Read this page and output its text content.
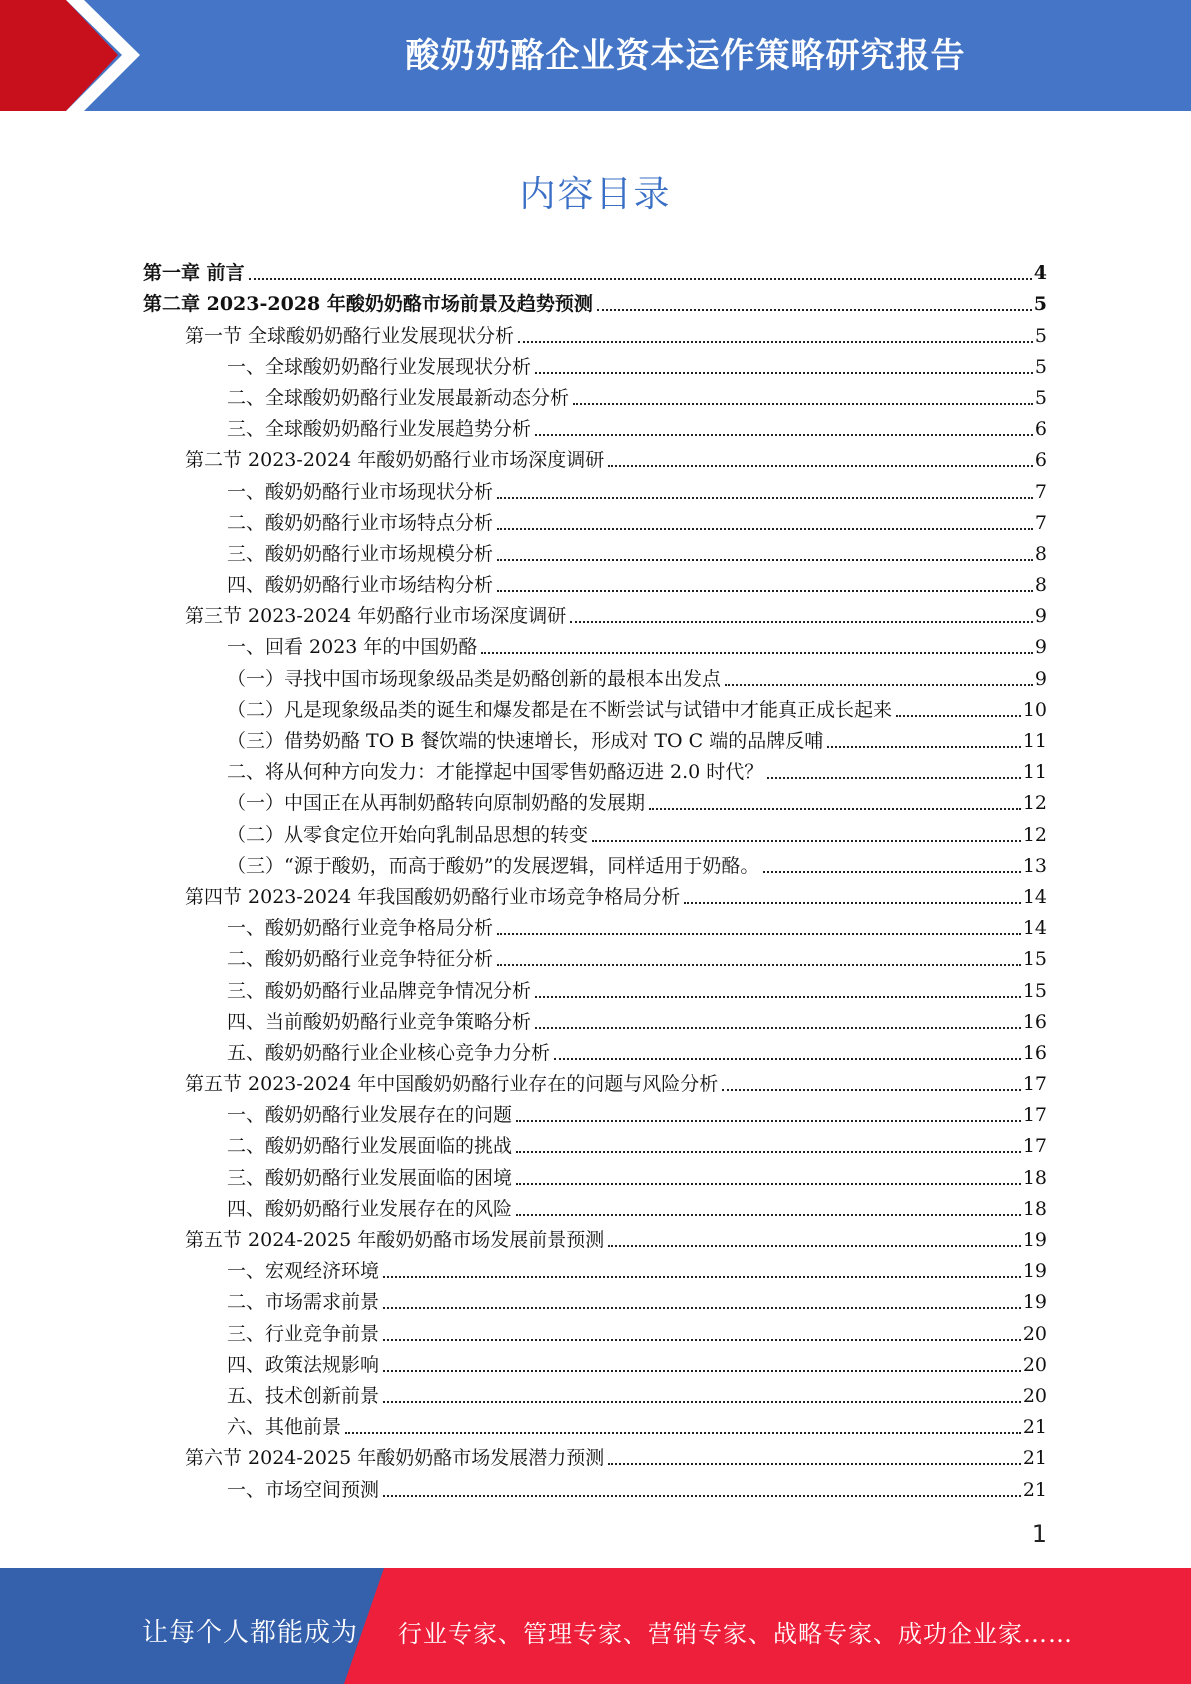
酸奶奶酪企业资本运作策略研究报告
内容目录
第一章 前言	4
第二章 2023-2028 年酸奶奶酪市场前景及趋势预测	5
第一节 全球酸奶奶酪行业发展现状分析	5
一、全球酸奶奶酪行业发展现状分析	5
二、全球酸奶奶酪行业发展最新动态分析	5
三、全球酸奶奶酪行业发展趋势分析	6
第二节 2023-2024 年酸奶奶酪行业市场深度调研	6
一、酸奶奶酪行业市场现状分析	7
二、酸奶奶酪行业市场特点分析	7
三、酸奶奶酪行业市场规模分析	8
四、酸奶奶酪行业市场结构分析	8
第三节 2023-2024 年奶酪行业市场深度调研	9
一、回看 2023 年的中国奶酪	9
（一）寻找中国市场现象级品类是奶酪创新的最根本出发点	9
（二）凡是现象级品类的诞生和爆发都是在不断尝试与试错中才能真正成长起来	10
（三）借势奶酪 TO B 餐饮端的快速增长，形成对 TO C 端的品牌反哺	11
二、将从何种方向发力：才能撑起中国零售奶酪迈进 2.0 时代？	11
（一）中国正在从再制奶酪转向原制奶酪的发展期	12
（二）从零食定位开始向乳制品思想的转变	12
（三）“源于酸奶，而高于酸奶”的发展逻辑，同样适用于奶酪。	13
第四节 2023-2024 年我国酸奶奶酪行业市场竞争格局分析	14
一、酸奶奶酪行业竞争格局分析	14
二、酸奶奶酪行业竞争特征分析	15
三、酸奶奶酪行业品牌竞争情况分析	15
四、当前酸奶奶酪行业竞争策略分析	16
五、酸奶奶酪行业企业核心竞争力分析	16
第五节 2023-2024 年中国酸奶奶酪行业存在的问题与风险分析	17
一、酸奶奶酪行业发展存在的问题	17
二、酸奶奶酪行业发展面临的挑战	17
三、酸奶奶酪行业发展面临的困境	18
四、酸奶奶酪行业发展存在的风险	18
第五节 2024-2025 年酸奶奶酪市场发展前景预测	19
一、宏观经济环境	19
二、市场需求前景	19
三、行业竞争前景	20
四、政策法规影响	20
五、技术创新前景	20
六、其他前景	21
第六节 2024-2025 年酸奶奶酪市场发展潜力预测	21
一、市场空间预测	21
1
让每个人都能成为 行业专家、管理专家、营销专家、战略专家、成功企业家……
